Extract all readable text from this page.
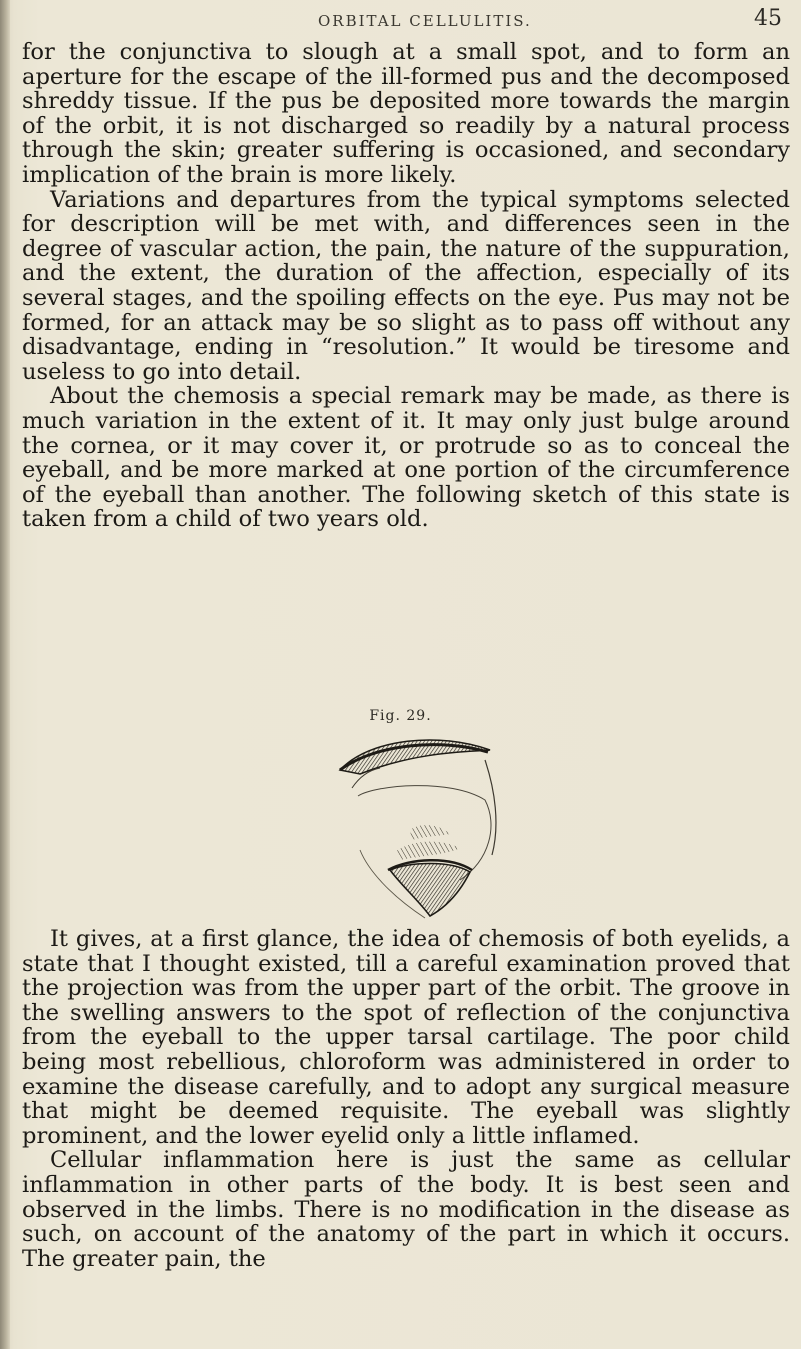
ORBITAL CELLULITIS.	45

for the conjunctiva to slough at a small spot, and to form an aperture for the escape of the ill-formed pus and the decomposed shreddy tissue. If the pus be deposited more towards the margin of the orbit, it is not discharged so readily by a natural process through the skin; greater suffering is occasioned, and secondary implication of the brain is more likely.

Variations and departures from the typical symptoms selected for description will be met with, and differences seen in the degree of vascular action, the pain, the nature of the suppuration, and the extent, the duration of the affection, especially of its several stages, and the spoiling effects on the eye. Pus may not be formed, for an attack may be so slight as to pass off without any disadvantage, ending in “resolution.” It would be tiresome and useless to go into detail.

About the chemosis a special remark may be made, as there is much variation in the extent of it. It may only just bulge around the cornea, or it may cover it, or protrude so as to conceal the eyeball, and be more marked at one portion of the circumference of the eyeball than another. The following sketch of this state is taken from a child of two years old.

Fig. 29.

It gives, at a first glance, the idea of chemosis of both eyelids, a state that I thought existed, till a careful examination proved that the projection was from the upper part of the orbit. The groove in the swelling answers to the spot of reflection of the conjunctiva from the eyeball to the upper tarsal cartilage. The poor child being most rebellious, chloroform was administered in order to examine the disease carefully, and to adopt any surgical measure that might be deemed requisite. The eyeball was slightly prominent, and the lower eyelid only a little inflamed.

Cellular inflammation here is just the same as cellular inflammation in other parts of the body. It is best seen and observed in the limbs. There is no modification in the disease as such, on account of the anatomy of the part in which it occurs. The greater pain, the
